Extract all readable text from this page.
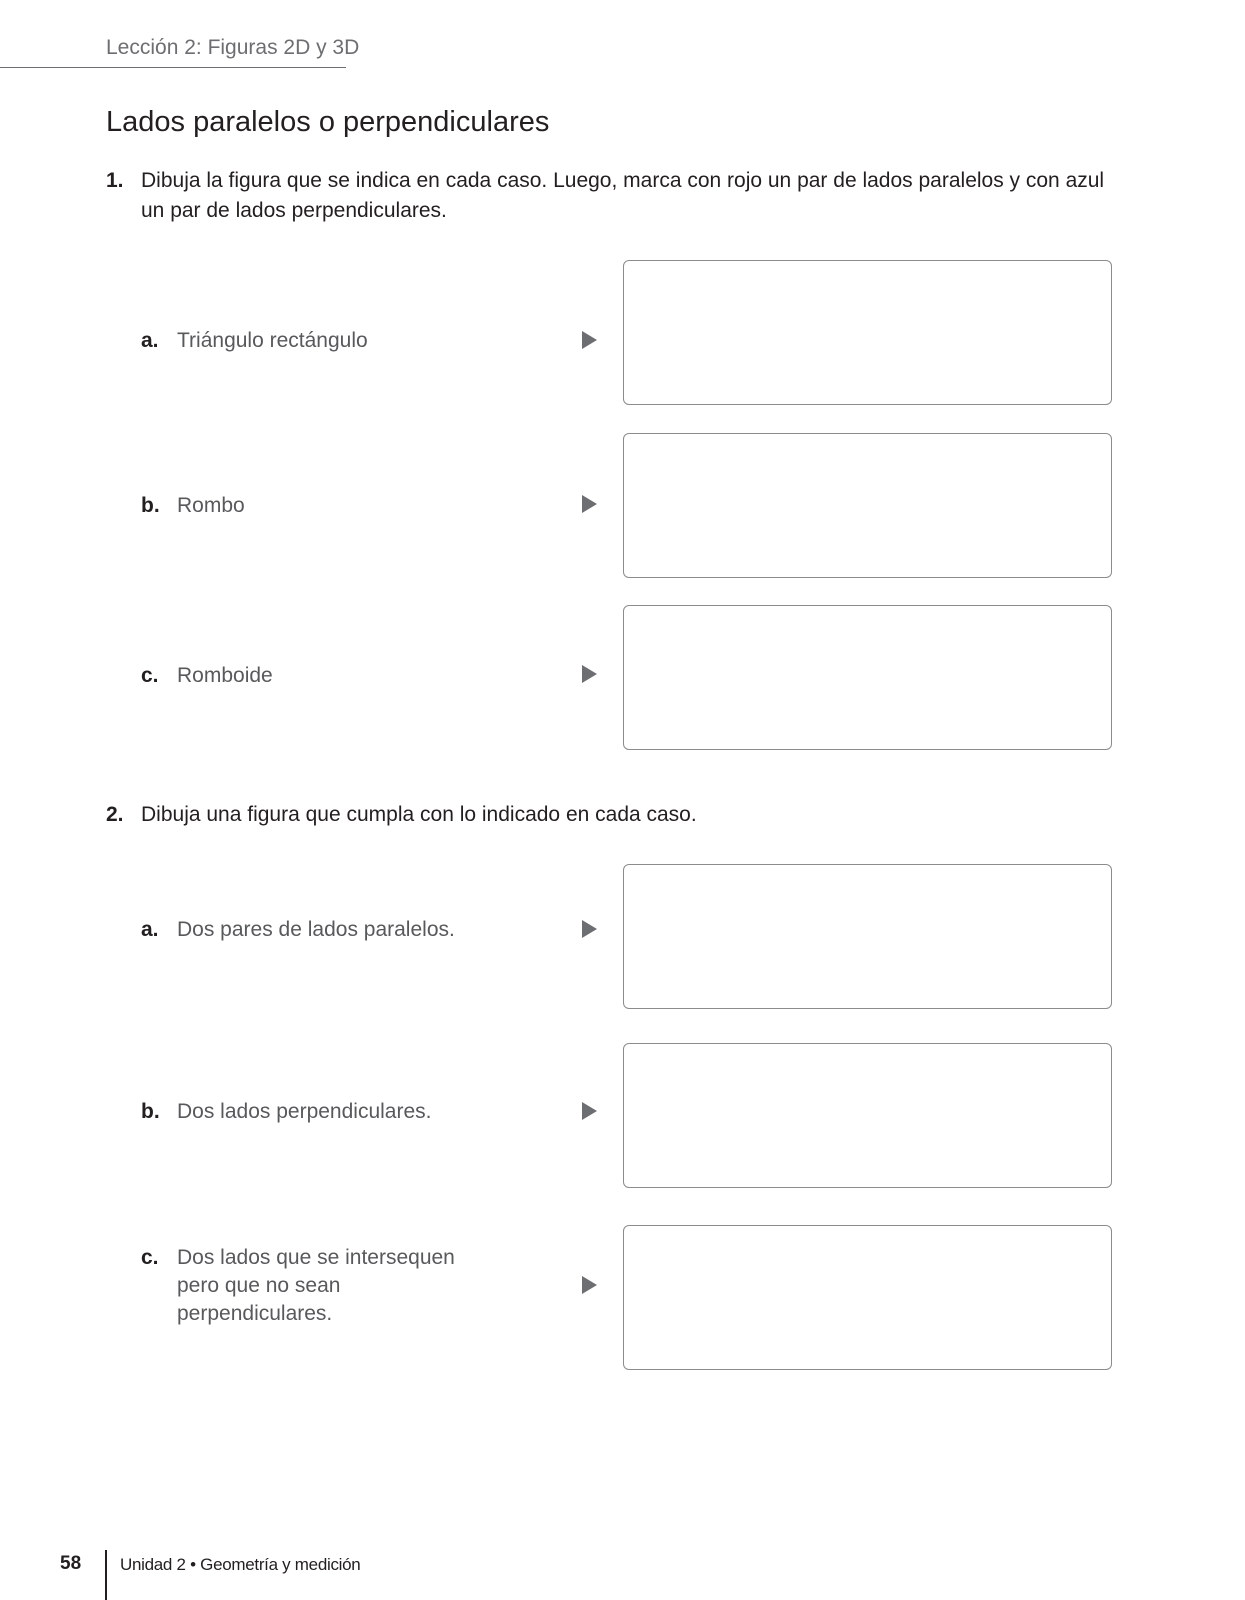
Lección 2: Figuras 2D y 3D
Lados paralelos o perpendiculares
1. Dibuja la figura que se indica en cada caso. Luego, marca con rojo un par de lados paralelos y con azul un par de lados perpendiculares.
a. Triángulo rectángulo
b. Rombo
c. Romboide
2. Dibuja una figura que cumpla con lo indicado en cada caso.
a. Dos pares de lados paralelos.
b. Dos lados perpendiculares.
c. Dos lados que se intersequen pero que no sean perpendiculares.
58 Unidad 2 • Geometría y medición
